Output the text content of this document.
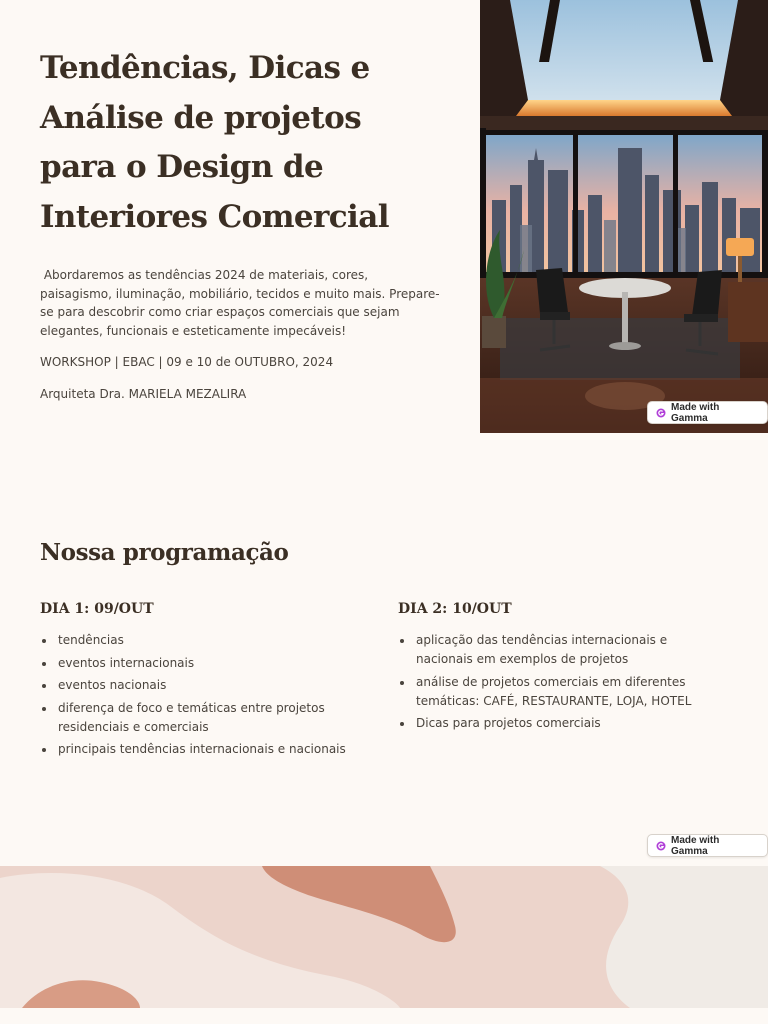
Tendências, Dicas e Análise de projetos para o Design de Interiores Comercial

Abordaremos as tendências 2024 de materiais, cores, paisagismo, iluminação, mobiliário, tecidos e muito mais. Prepare-se para descobrir como criar espaços comerciais que sejam elegantes, funcionais e esteticamente impecáveis!

WORKSHOP | EBAC | 09 e 10 de OUTUBRO, 2024

Arquiteta Dra. MARIELA MEZALIRA

Made with Gamma
Nossa programação
DIA 1: 09/OUT
tendências
eventos internacionais
eventos nacionais
diferença de foco e temáticas entre projetos residenciais e comerciais
principais tendências internacionais e nacionais
DIA 2: 10/OUT
aplicação das tendências internacionais e nacionais em exemplos de projetos
análise de projetos comerciais em diferentes temáticas: CAFÉ, RESTAURANTE, LOJA, HOTEL
Dicas para projetos comerciais
Made with Gamma
